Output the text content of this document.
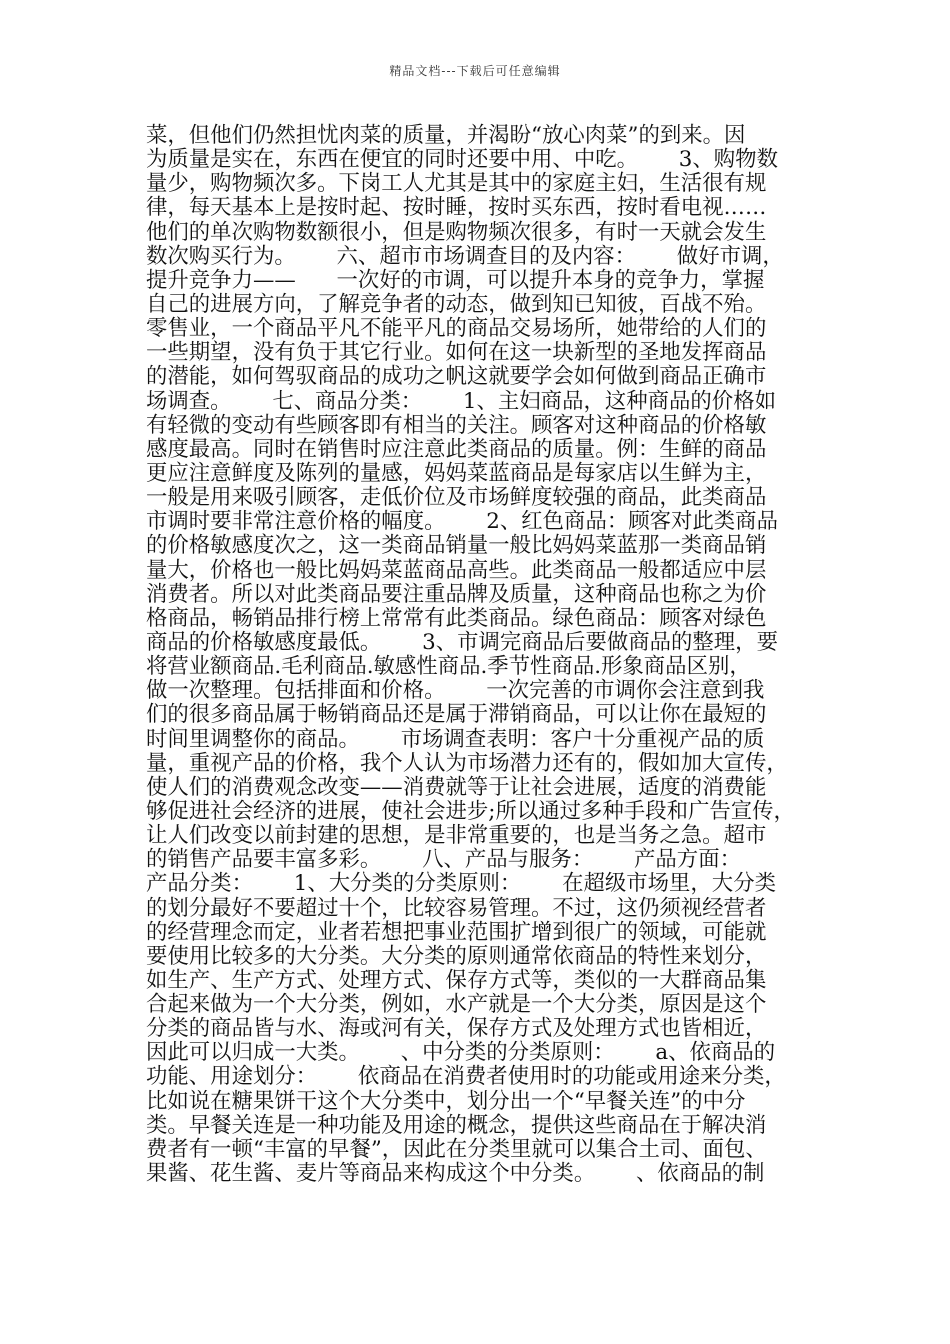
精品文档---下载后可任意编辑
菜，但他们仍然担忧肉菜的质量，并渴盼“放心肉菜”的到来。因
为质量是实在，东西在便宜的同时还要中用、中吃。      3、购物数
量少，购物频次多。下岗工人尤其是其中的家庭主妇，生活很有规
律，每天基本上是按时起、按时睡，按时买东西，按时看电视……
他们的单次购物数额很小，但是购物频次很多，有时一天就会发生
数次购买行为。      六、超市市场调查目的及内容：      做好市调，
提升竞争力——      一次好的市调，可以提升本身的竞争力，掌握
自己的进展方向，了解竞争者的动态，做到知已知彼，百战不殆。
零售业，一个商品平凡不能平凡的商品交易场所，她带给的人们的
一些期望，没有负于其它行业。如何在这一块新型的圣地发挥商品
的潜能，如何驾驭商品的成功之帆这就要学会如何做到商品正确市
场调查。      七、商品分类：      1、主妇商品，这种商品的价格如
有轻微的变动有些顾客即有相当的关注。顾客对这种商品的价格敏
感度最高。同时在销售时应注意此类商品的质量。例：生鲜的商品
更应注意鲜度及陈列的量感，妈妈菜蓝商品是每家店以生鲜为主，
一般是用来吸引顾客，走低价位及市场鲜度较强的商品，此类商品
市调时要非常注意价格的幅度。      2、红色商品：顾客对此类商品
的价格敏感度次之，这一类商品销量一般比妈妈菜蓝那一类商品销
量大，价格也一般比妈妈菜蓝商品高些。此类商品一般都适应中层
消费者。所以对此类商品要注重品牌及质量，这种商品也称之为价
格商品，畅销品排行榜上常常有此类商品。绿色商品：顾客对绿色
商品的价格敏感度最低。      3、市调完商品后要做商品的整理，要
将营业额商品.毛利商品.敏感性商品.季节性商品.形象商品区别，
做一次整理。包括排面和价格。      一次完善的市调你会注意到我
们的很多商品属于畅销商品还是属于滞销商品，可以让你在最短的
时间里调整你的商品。      市场调查表明：客户十分重视产品的质
量，重视产品的价格，我个人认为市场潜力还有的，假如加大宣传，
使人们的消费观念改变——消费就等于让社会进展，适度的消费能
够促进社会经济的进展，使社会进步;所以通过多种手段和广告宣传，
让人们改变以前封建的思想，是非常重要的，也是当务之急。超市
的销售产品要丰富多彩。      八、产品与服务：      产品方面：
产品分类：      1、大分类的分类原则：      在超级市场里，大分类
的划分最好不要超过十个，比较容易管理。不过，这仍须视经营者
的经营理念而定，业者若想把事业范围扩增到很广的领域，可能就
要使用比较多的大分类。大分类的原则通常依商品的特性来划分，
如生产、生产方式、处理方式、保存方式等，类似的一大群商品集
合起来做为一个大分类，例如，水产就是一个大分类，原因是这个
分类的商品皆与水、海或河有关，保存方式及处理方式也皆相近，
因此可以归成一大类。      、中分类的分类原则：      a、依商品的
功能、用途划分：      依商品在消费者使用时的功能或用途来分类，
比如说在糖果饼干这个大分类中，划分出一个“早餐关连”的中分
类。早餐关连是一种功能及用途的概念，提供这些商品在于解决消
费者有一顿“丰富的早餐”，因此在分类里就可以集合土司、面包、
果酱、花生酱、麦片等商品来构成这个中分类。      、依商品的制
